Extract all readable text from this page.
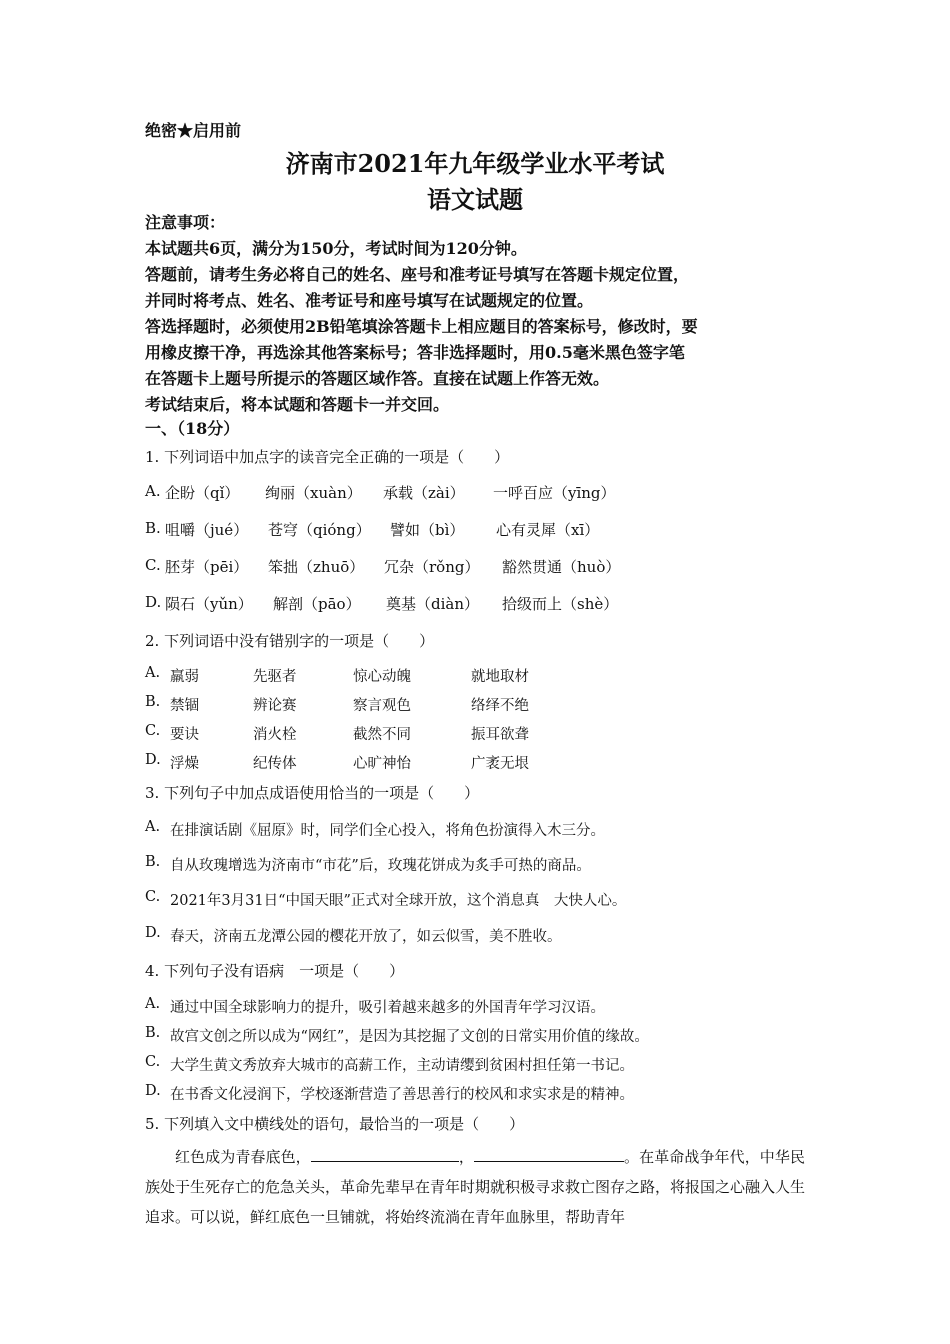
绝密★启用前
济南市2021年九年级学业水平考试
语文试题
注意事项：
本试题共6页，满分为150分，考试时间为120分钟。
答题前，请考生务必将自己的姓名、座号和准考证号填写在答题卡规定位置，
并同时将考点、姓名、准考证号和座号填写在试题规定的位置。
答选择题时，必须使用2B铅笔填涂答题卡上相应题目的答案标号，修改时，要
用橡皮擦干净，再选涂其他答案标号；答非选择题时，用0.5毫米黑色签字笔
在答题卡上题号所提示的答题区域作答。直接在试题上作答无效。
考试结束后，将本试题和答题卡一并交回。
一、（18分）
1. 下列词语中加点字的读音完全正确的一项是（　　）
A. 企盼（qǐ） 绚丽（xuàn） 承载（zài） 一呼百应（yīng）
B. 咀嚼（jué） 苍穹（qióng） 譬如（bì） 心有灵犀（xī）
C. 胚芽（pēi） 笨拙（zhuō） 冗杂（rǒng） 豁然贯通（huò）
D. 陨石（yǔn） 解剖（pāo） 奠基（diàn） 拾级而上（shè）
2. 下列词语中没有错别字的一项是（　　）
A. 羸弱	先驱者	惊心动魄	就地取材
B. 禁锢	辨论赛	察言观色	络绎不绝
C. 要诀	消火栓	截然不同	振耳欲聋
D. 浮燥	纪传体	心旷神怡	广袤无垠
3. 下列句子中加点成语使用恰当的一项是（　　）
A. 在排演话剧《屈原》时，同学们全心投入，将角色扮演得入木三分。
B. 自从玫瑰增选为济南市“市花”后，玫瑰花饼成为炙手可热的商品。
C. 2021年3月31日“中国天眼”正式对全球开放，这个消息真　大快人心。
D. 春天，济南五龙潭公园的樱花开放了，如云似雪，美不胜收。
4. 下列句子没有语病　一项是（　　）
A. 通过中国全球影响力的提升，吸引着越来越多的外国青年学习汉语。
B. 故宫文创之所以成为“网红”，是因为其挖掘了文创的日常实用价值的缘故。
C. 大学生黄文秀放弃大城市的高薪工作，主动请缨到贫困村担任第一书记。
D. 在书香文化浸润下，学校逐渐营造了善思善行的校风和求实求是的精神。
5. 下列填入文中横线处的语句，最恰当的一项是（　　）
红色成为青春底色，	，	。在革命战争年代，中华民族处于生死存亡的危急关头，革命先辈早在青年时期就积极寻求救亡图存之路，将报国之心融入人生追求。可以说，鲜红底色一旦铺就，将始终流淌在青年血脉里，帮助青年
